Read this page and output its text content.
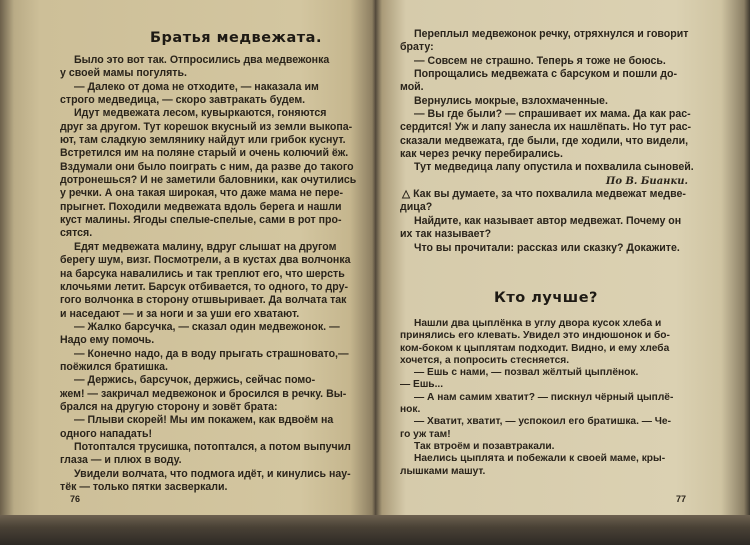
Братья медвежата.
Было это вот так. Отпросились два медвежонка
у своей мамы погулять.
— Далеко от дома не отходите, — наказала им
строго медведица, — скоро завтракать будем.
Идут медвежата лесом, кувыркаются, гоняются
друг за другом. Тут корешок вкусный из земли выкопа-
ют, там сладкую землянику найдут или грибок куснут.
Встретился им на поляне старый и очень колючий ёж.
Вздумали они было поиграть с ним, да разве до такого
дотронешься? И не заметили баловники, как очутились
у речки. А она такая широкая, что даже мама не пере-
прыгнет. Походили медвежата вдоль берега и нашли
куст малины. Ягоды спелые-спелые, сами в рот про-
сятся.
Едят медвежата малину, вдруг слышат на другом
берегу шум, визг. Посмотрели, а в кустах два волчонка
на барсука навалились и так треплют его, что шерсть
клочьями летит. Барсук отбивается, то одного, то дру-
гого волчонка в сторону отшвыривает. Да волчата так
и наседают — и за ноги и за уши его хватают.
— Жалко барсучка, — сказал один медвежонок. —
Надо ему помочь.
— Конечно надо, да в воду прыгать страшновато,—
поёжился братишка.
— Держись, барсучок, держись, сейчас помо-
жем! — закричал медвежонок и бросился в речку. Вы-
брался на другую сторону и зовёт брата:
— Плыви скорей! Мы им покажем, как вдвоём на
одного нападать!
Потоптался трусишка, потоптался, а потом выпучил
глаза — и плюх в воду.
Увидели волчата, что подмога идёт, и кинулись нау-
тёк — только пятки засверкали.
76
Переплыл медвежонок речку, отряхнулся и говорит
брату:
— Совсем не страшно. Теперь я тоже не боюсь.
Попрощались медвежата с барсуком и пошли до-
мой.
Вернулись мокрые, взлохмаченные.
— Вы где были? — спрашивает их мама. Да как рас-
сердится! Уж и лапу занесла их нашлёпать. Но тут рас-
сказали медвежата, где были, где ходили, что видели,
как через речку перебирались.
Тут медведица лапу опустила и похвалила сыновей.
По В. Бианки.
△ Как вы думаете, за что похвалила медвежат медве-
дица?
Найдите, как называет автор медвежат. Почему он
их так называет?
Что вы прочитали: рассказ или сказку? Докажите.
Кто лучше?
Нашли два цыплёнка в углу двора кусок хлеба и
принялись его клевать. Увидел это индюшонок и бо-
ком-боком к цыплятам подходит. Видно, и ему хлеба
хочется, а попросить стесняется.
— Ешь с нами, — позвал жёлтый цыплёнок.
— Ешь...
— А нам самим хватит? — пискнул чёрный цыплё-
нок.
— Хватит, хватит, — успокоил его братишка. — Че-
го уж там!
Так втроём и позавтракали.
Наелись цыплята и побежали к своей маме, кры-
лышками машут.
77
